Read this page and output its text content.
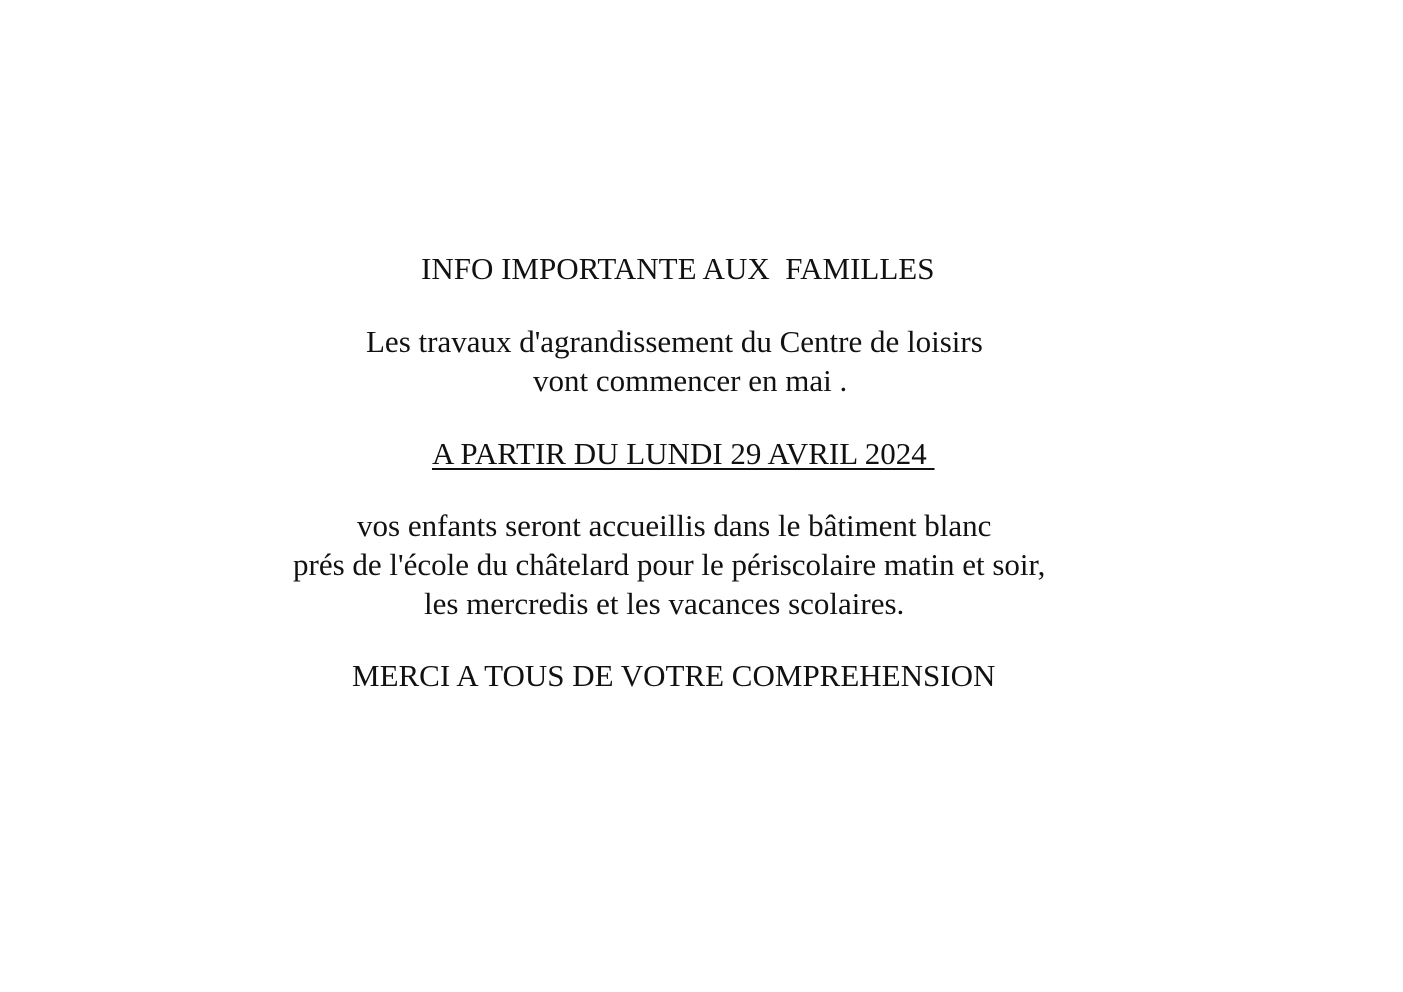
INFO IMPORTANTE AUX  FAMILLES
Les travaux d'agrandissement du Centre de loisirs
vont commencer en mai .
A PARTIR DU LUNDI 29 AVRIL 2024
vos enfants seront accueillis dans le bâtiment blanc
prés de l'école du châtelard pour le périscolaire matin et soir,
les mercredis et les vacances scolaires.
MERCI A TOUS DE VOTRE COMPREHENSION
